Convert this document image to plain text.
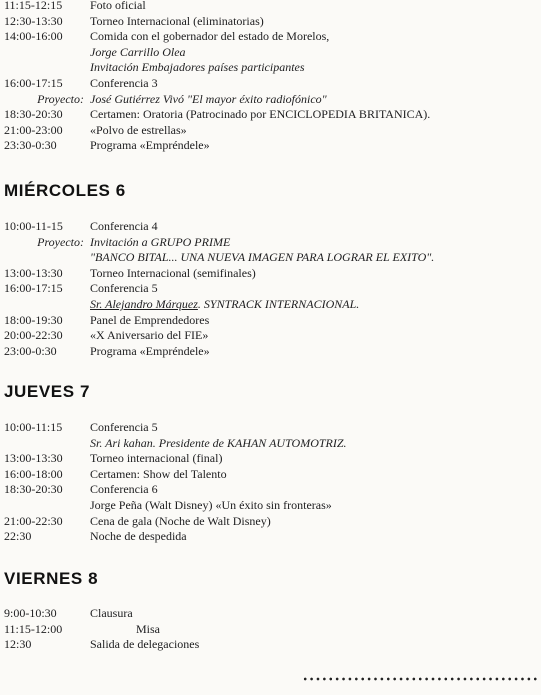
11:15-12:15 Foto oficial
12:30-13:30 Torneo Internacional (eliminatorias)
14:00-16:00 Comida con el gobernador del estado de Morelos,
Jorge Carrillo Olea
Invitación Embajadores países participantes
16:00-17:15 Conferencia 3
Proyecto: José Gutiérrez Vivó "El mayor éxito radiofónico"
18:30-20:30 Certamen: Oratoria (Patrocinado por ENCICLOPEDIA BRITANICA).
21:00-23:00 «Polvo de estrellas»
23:30-0:30	Programa «Empréndele»
MIÉRCOLES 6
10:00-11-15 Conferencia 4
Proyecto: Invitación a GRUPO PRIME
"BANCO BITAL... UNA NUEVA IMAGEN PARA LOGRAR EL EXITO".
13:00-13:30 Torneo Internacional (semifinales)
16:00-17:15 Conferencia 5
Sr. Alejandro Márquez. SYNTRACK INTERNACIONAL.
18:00-19:30 Panel de Emprendedores
20:00-22:30 «X Aniversario del FIE»
23:00-0:30	Programa «Empréndele»
JUEVES 7
10:00-11:15 Conferencia 5
Sr. Ari kahan. Presidente de KAHAN AUTOMOTRIZ.
13:00-13:30 Torneo internacional (final)
16:00-18:00 Certamen: Show del Talento
18:30-20:30 Conferencia 6
Jorge Peña (Walt Disney) «Un éxito sin fronteras»
21:00-22:30 Cena de gala (Noche de Walt Disney)
22:30	Noche de despedida
VIERNES 8
9:00-10:30	Clausura
11:15-12:00	Misa
12:30	Salida de delegaciones
